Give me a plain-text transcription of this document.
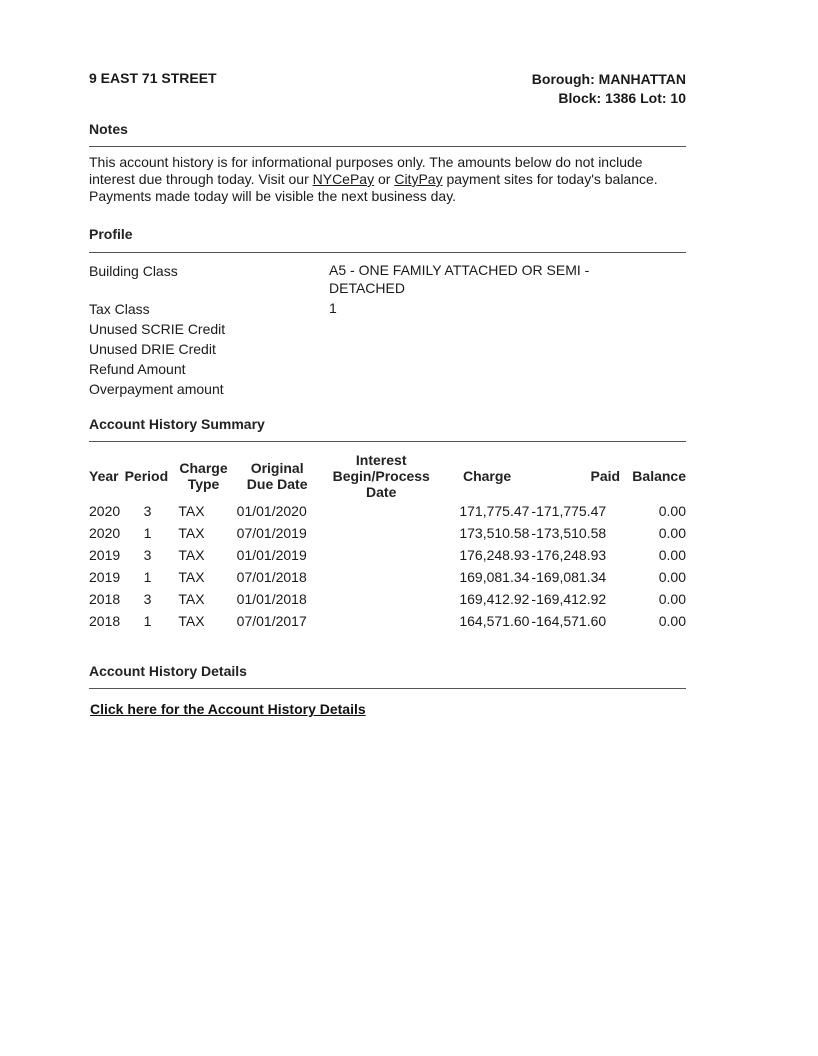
9 EAST 71 STREET	Borough: MANHATTAN
Block: 1386 Lot: 10
Notes
This account history is for informational purposes only. The amounts below do not include interest due through today. Visit our NYCePay or CityPay payment sites for today's balance. Payments made today will be visible the next business day.
Profile
Building Class	A5 - ONE FAMILY ATTACHED OR SEMI - DETACHED
Tax Class	1
Unused SCRIE Credit
Unused DRIE Credit
Refund Amount
Overpayment amount
Account History Summary
Year	Period	Charge Type	Original Due Date	Interest Begin/Process Date	Charge	Paid	Balance
2020	3	TAX	01/01/2020		171,775.47	-171,775.47	0.00
2020	1	TAX	07/01/2019		173,510.58	-173,510.58	0.00
2019	3	TAX	01/01/2019		176,248.93	-176,248.93	0.00
2019	1	TAX	07/01/2018		169,081.34	-169,081.34	0.00
2018	3	TAX	01/01/2018		169,412.92	-169,412.92	0.00
2018	1	TAX	07/01/2017		164,571.60	-164,571.60	0.00
Account History Details
Click here for the Account History Details
